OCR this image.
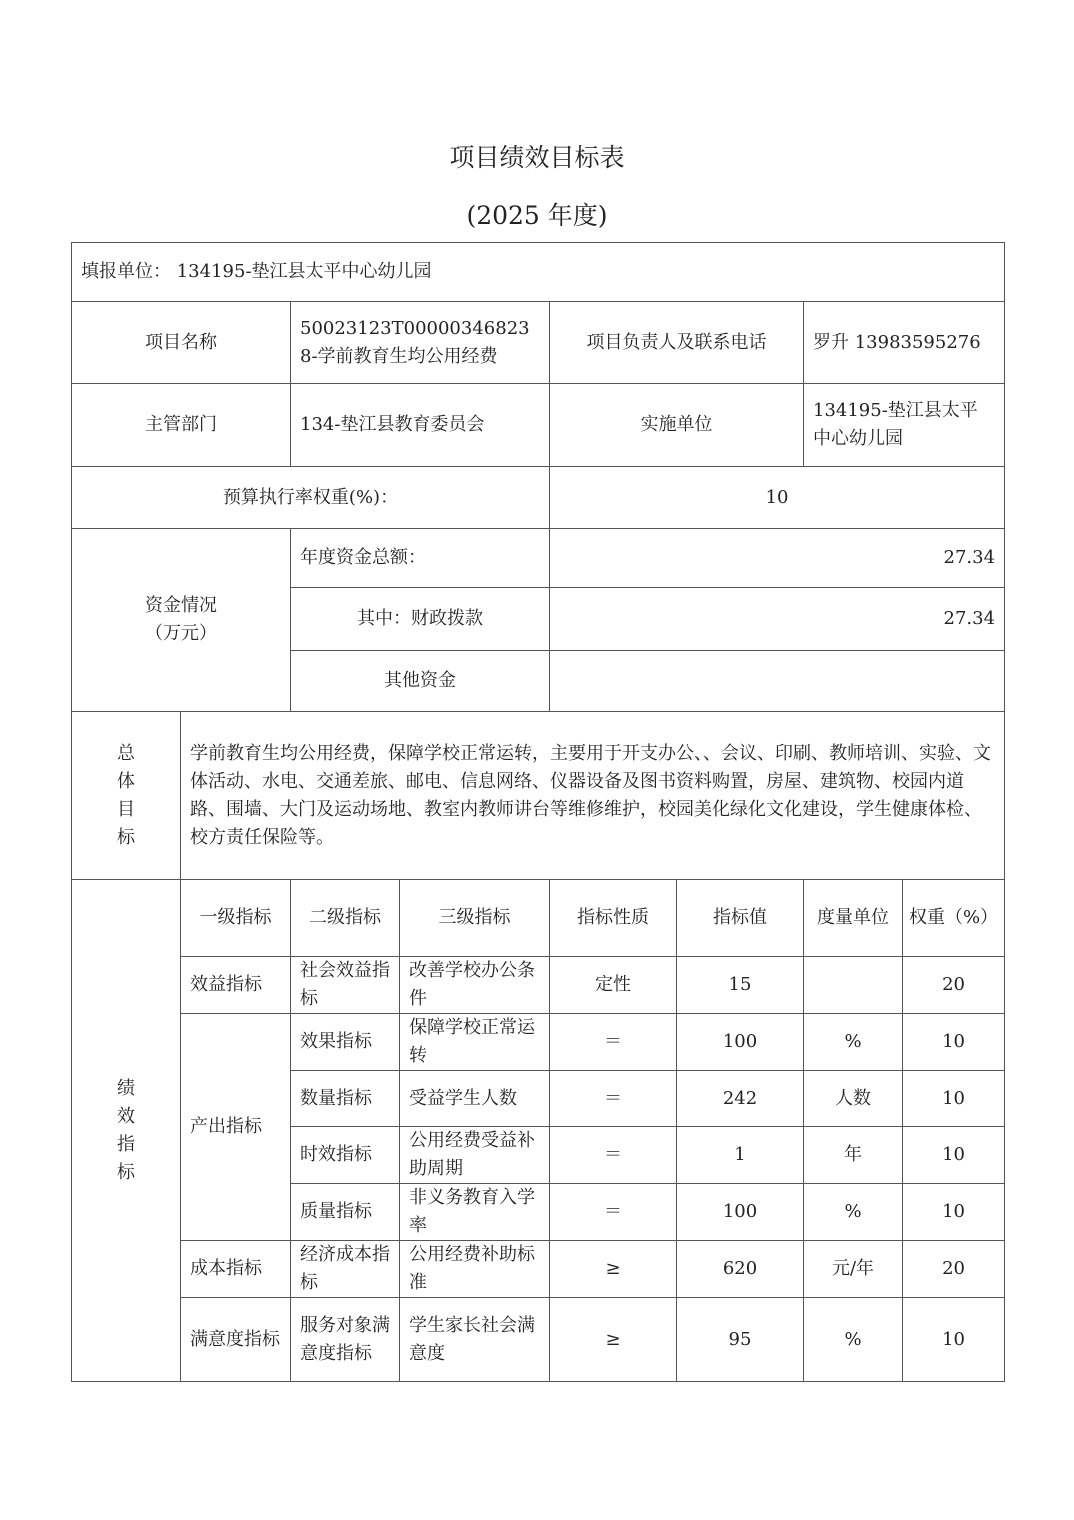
项目绩效目标表
(2025 年度)
填报单位： 134195-垫江县太平中心幼儿园							
项目名称		50023123T000003468238-学前教育生均公用经费		项目负责人及联系电话		罗升 13983595276	
主管部门		134-垫江县教育委员会		实施单位		134195-垫江县太平中心幼儿园	
预算执行率权重(%)：				10			

资金情况
（万元）		年度资金总额：		27.34			
		其中：财政拨款		27.34			
		其他资金					

总
体
目
标	学前教育生均公用经费，保障学校正常运转，主要用于开支办公、、会议、印刷、教师培训、实验、文体活动、水电、交通差旅、邮电、信息网络、仪器设备及图书资料购置，房屋、建筑物、校园内道路、围墙、大门及运动场地、教室内教师讲台等维修维护，校园美化绿化文化建设，学生健康体检、校方责任保险等。						

绩
效
指
标	一级指标	二级指标	三级指标	指标性质	指标值	度量单位	权重（%）
	效益指标	社会效益指标	改善学校办公条件	定性	15		20
	产出指标	效果指标	保障学校正常运转	＝	100	%	10
		数量指标	受益学生人数	＝	242	人数	10
		时效指标	公用经费受益补助周期	＝	1	年	10
		质量指标	非义务教育入学率	＝	100	%	10
	成本指标	经济成本指标	公用经费补助标准	≥	620	元/年	20
	满意度指标	服务对象满意度指标	学生家长社会满意度	≥	95	%	10
